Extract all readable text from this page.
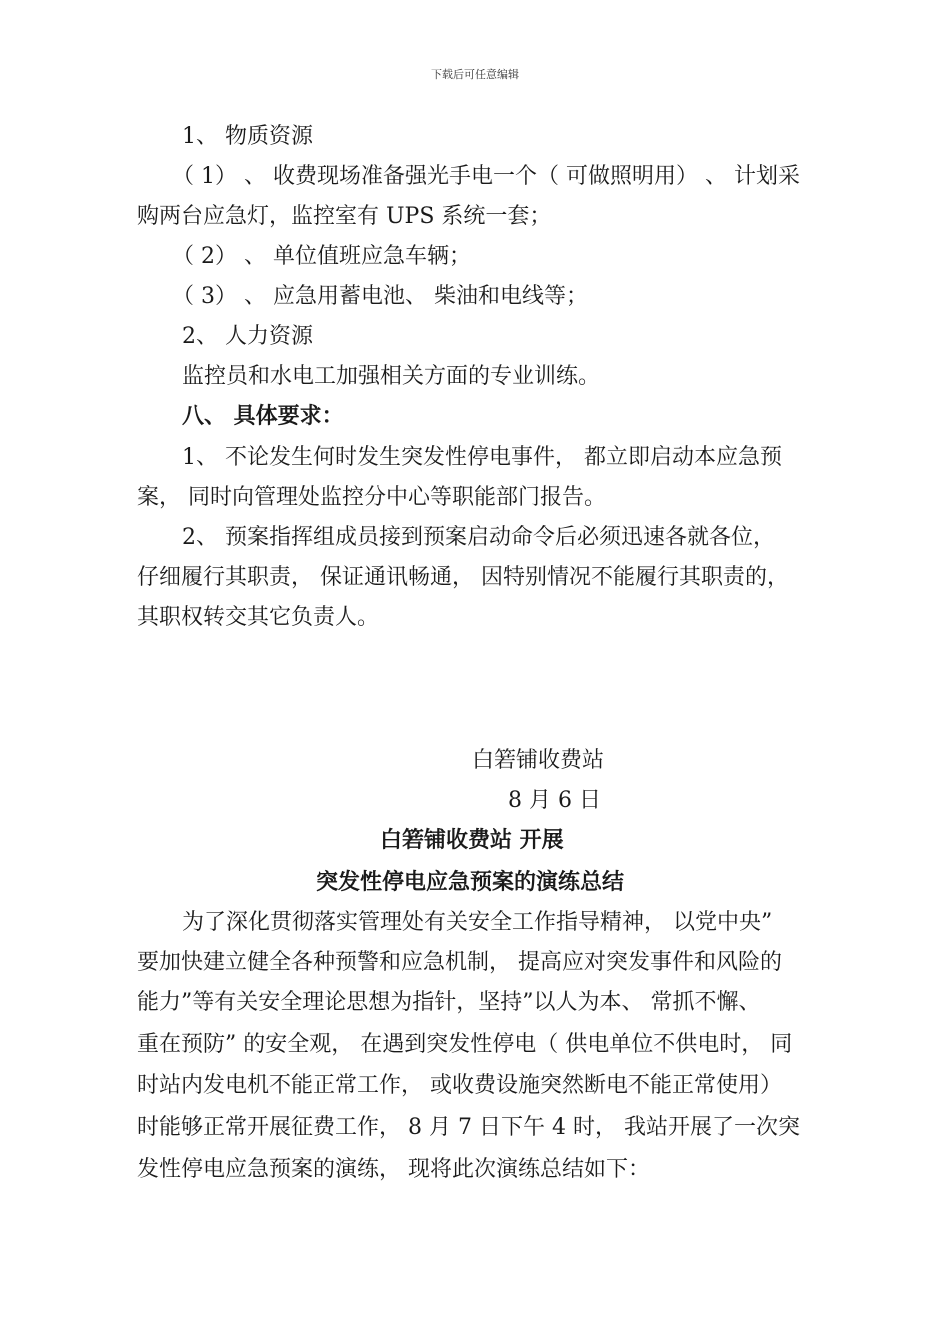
下载后可任意编辑
1、 物质资源
（ 1） 、 收费现场准备强光手电一个（ 可做照明用） 、 计划采
购两台应急灯，监控室有 UPS 系统一套；
（ 2） 、 单位值班应急车辆；
（ 3） 、 应急用蓄电池、 柴油和电线等；
2、 人力资源
监控员和水电工加强相关方面的专业训练。
八、 具体要求：
1、 不论发生何时发生突发性停电事件， 都立即启动本应急预
案， 同时向管理处监控分中心等职能部门报告。
2、 预案指挥组成员接到预案启动命令后必须迅速各就各位，
仔细履行其职责， 保证通讯畅通， 因特别情况不能履行其职责的，
其职权转交其它负责人。
白箬铺收费站
8 月 6 日
白箬铺收费站 开展
突发性停电应急预案的演练总结
为了深化贯彻落实管理处有关安全工作指导精神， 以党中央”
要加快建立健全各种预警和应急机制， 提高应对突发事件和风险的
能力”等有关安全理论思想为指针，坚持”以人为本、 常抓不懈、
重在预防” 的安全观， 在遇到突发性停电（ 供电单位不供电时， 同
时站内发电机不能正常工作， 或收费设施突然断电不能正常使用）
时能够正常开展征费工作， 8 月 7 日下午 4 时， 我站开展了一次突
发性停电应急预案的演练， 现将此次演练总结如下：
